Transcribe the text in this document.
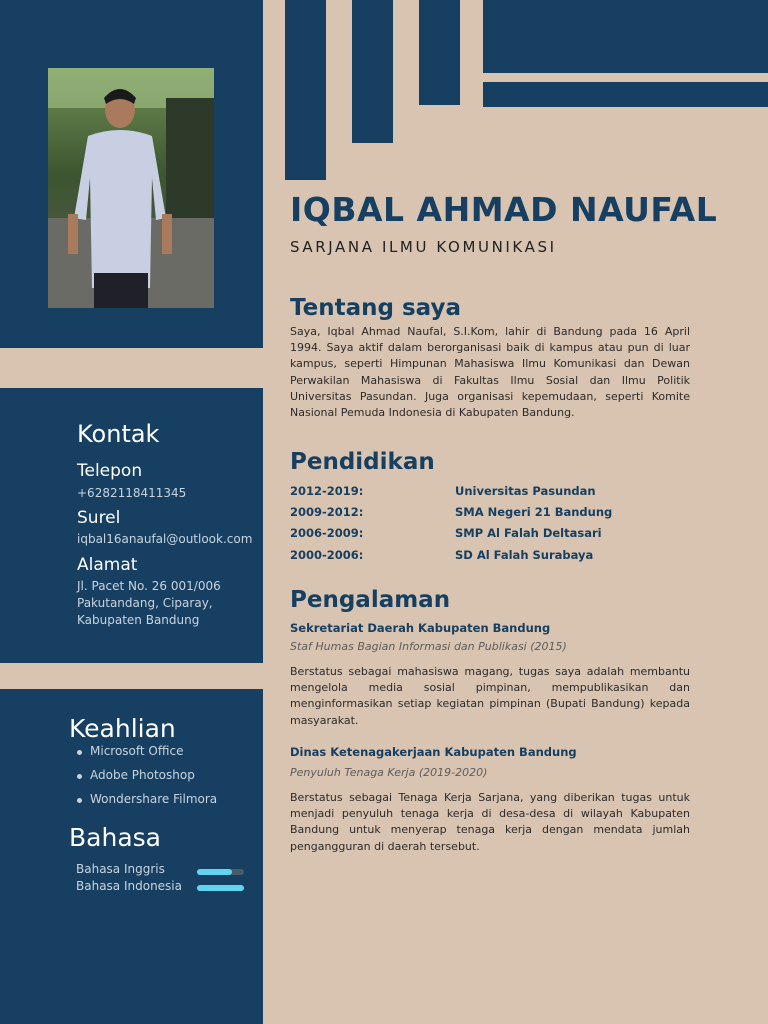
Kontak
Telepon
+6282118411345
Surel
iqbal16anaufal@outlook.com
Alamat
Jl. Pacet No. 26 001/006
Pakutandang, Ciparay,
Kabupaten Bandung
Keahlian
Microsoft Office
Adobe Photoshop
Wondershare Filmora
Bahasa
Bahasa Inggris
Bahasa Indonesia
IQBAL AHMAD NAUFAL
SARJANA ILMU KOMUNIKASI
Tentang saya
Saya, Iqbal Ahmad Naufal, S.I.Kom, lahir di Bandung pada 16 April 1994. Saya aktif dalam berorganisasi baik di kampus atau pun di luar kampus, seperti Himpunan Mahasiswa Ilmu Komunikasi dan Dewan Perwakilan Mahasiswa di Fakultas Ilmu Sosial dan Ilmu Politik Universitas Pasundan. Juga organisasi kepemudaan, seperti Komite Nasional Pemuda Indonesia di Kabupaten Bandung.
Pendidikan
2012-2019:	Universitas Pasundan
2009-2012:	SMA Negeri 21 Bandung
2006-2009:	SMP Al Falah Deltasari
2000-2006:	SD Al Falah Surabaya
Pengalaman
Sekretariat Daerah Kabupaten Bandung
Staf Humas Bagian Informasi dan Publikasi (2015)
Berstatus sebagai mahasiswa magang, tugas saya adalah membantu mengelola media sosial pimpinan, mempublikasikan dan menginformasikan setiap kegiatan pimpinan (Bupati Bandung) kepada masyarakat.
Dinas Ketenagakerjaan Kabupaten Bandung
Penyuluh Tenaga Kerja (2019-2020)
Berstatus sebagai Tenaga Kerja Sarjana, yang diberikan tugas untuk menjadi penyuluh tenaga kerja di desa-desa di wilayah Kabupaten Bandung untuk menyerap tenaga kerja dengan mendata jumlah pengangguran di daerah tersebut.
